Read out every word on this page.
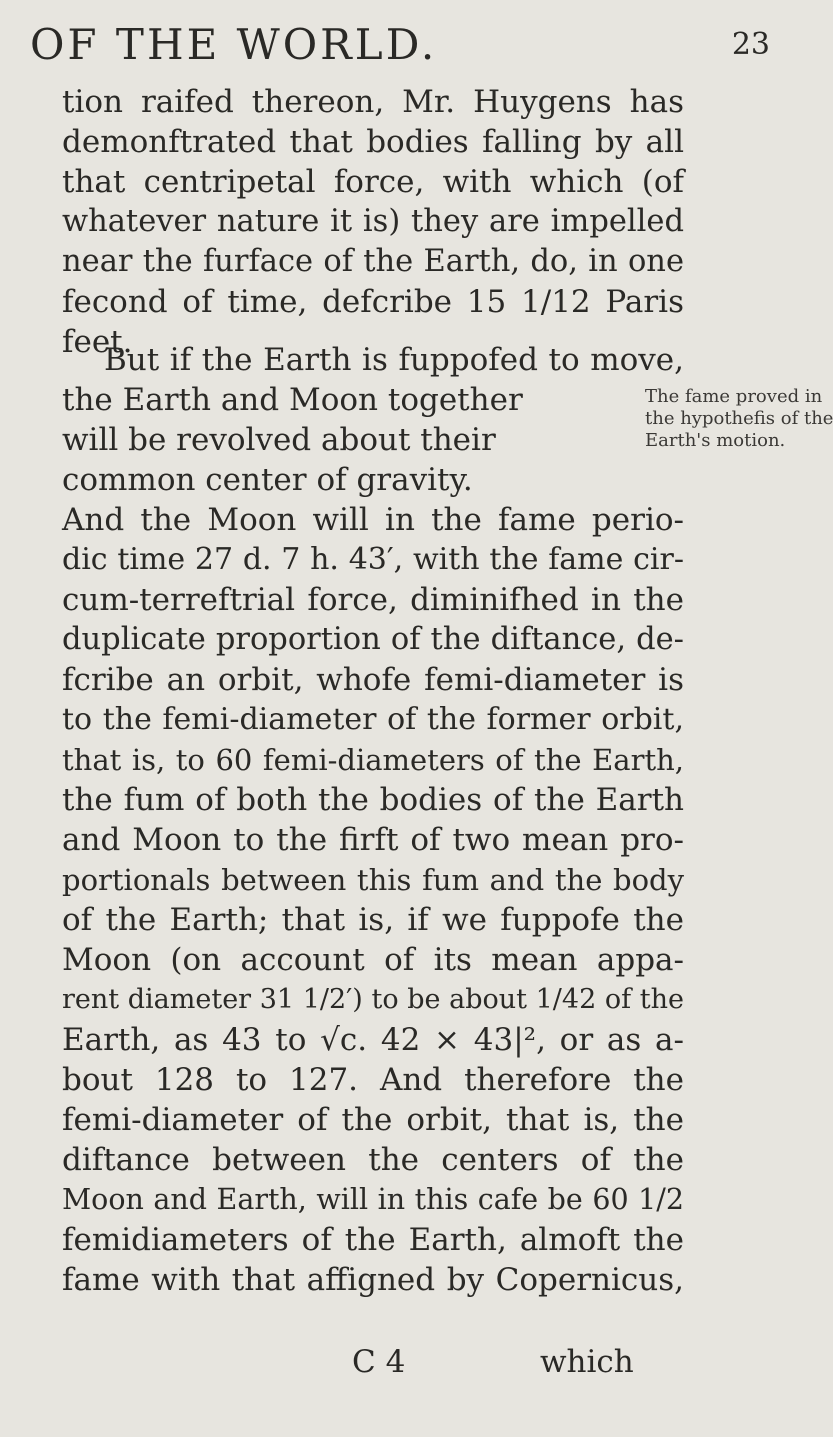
OF THE WORLD.	23
tion raifed thereon, Mr. Huygens has
demonftrated that bodies falling by all
that centripetal force, with which (of
whatever nature it is) they are impelled
near the furface of the Earth, do, in one
fecond of time, defcribe 15 1/12 Paris
feet.
But if the Earth is fuppofed to move,
the Earth and Moon together
will be revolved about their
common center of gravity.
And the Moon will in the fame perio-
dic time 27 d. 7 h. 43′, with the fame cir-
cum-terreftrial force, diminifhed in the
duplicate proportion of the diftance, de-
fcribe an orbit, whofe femi-diameter is
to the femi-diameter of the former orbit,
that is, to 60 femi-diameters of the Earth,
the fum of both the bodies of the Earth
and Moon to the firft of two mean pro-
portionals between this fum and the body
of the Earth; that is, if we fuppofe the
Moon (on account of its mean appa-
rent diameter 31 1/2′) to be about 1/42 of the
Earth, as 43 to √c. 42 × 43|², or as a-
bout 128 to 127. And therefore the
femi-diameter of the orbit, that is, the
diftance between the centers of the
Moon and Earth, will in this cafe be 60 1/2
femidiameters of the Earth, almoft the
fame with that affigned by Copernicus,
The fame proved in
the hypothefis of the
Earth's motion.
C 4	which
